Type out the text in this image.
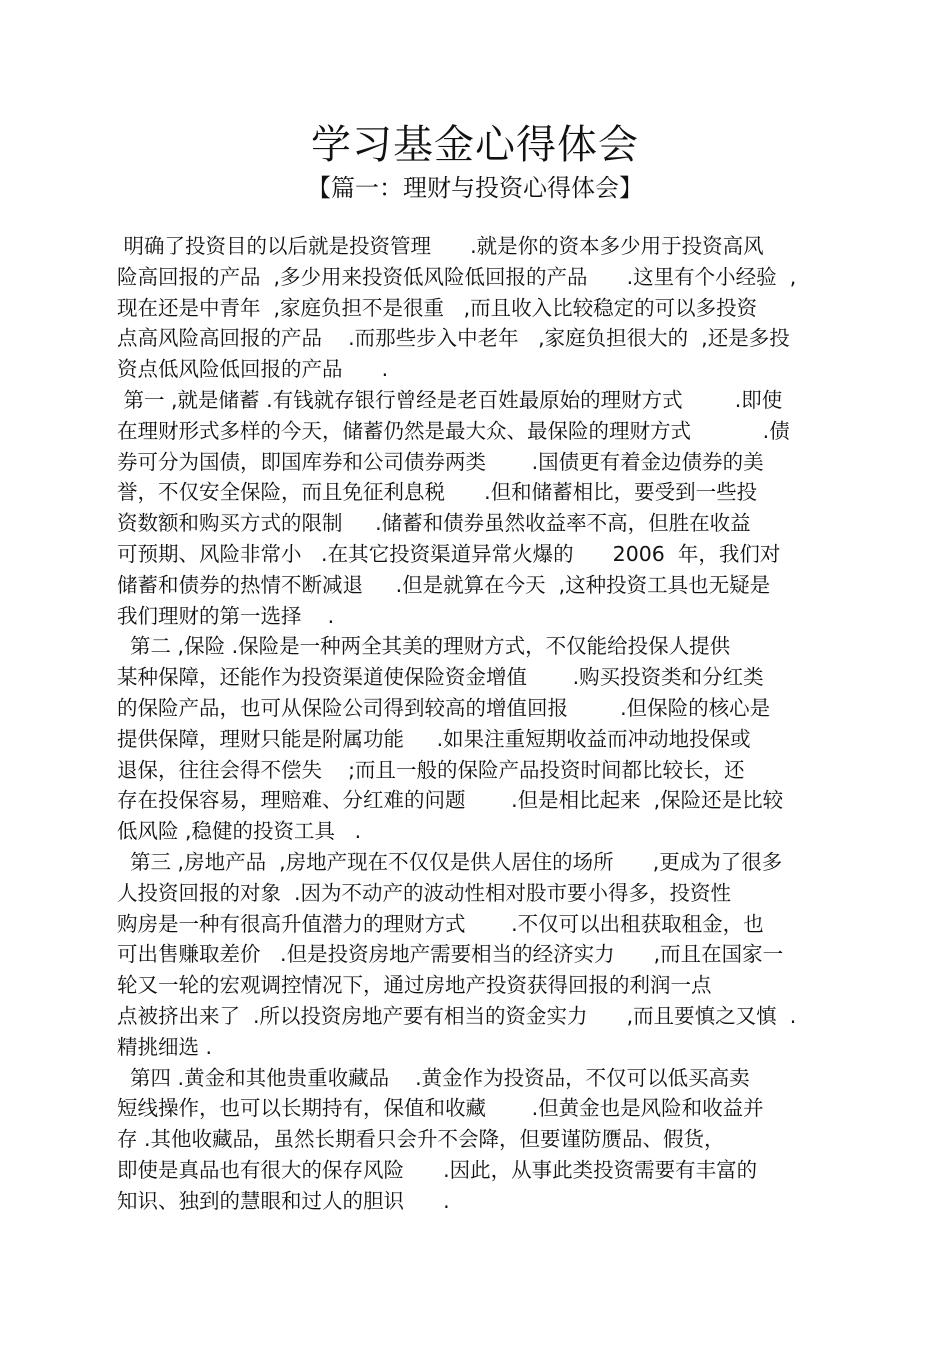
学习基金心得体会
【篇一：理财与投资心得体会】
明确了投资目的以后就是投资管理      .就是你的资本多少用于投资高风
险高回报的产品  ,多少用来投资低风险低回报的产品      .这里有个小经验  ,
现在还是中青年  ,家庭负担不是很重   ,而且收入比较稳定的可以多投资
点高风险高回报的产品    .而那些步入中老年   ,家庭负担很大的  ,还是多投
资点低风险低回报的产品      .
第一 ,就是储蓄 .有钱就存银行曾经是老百姓最原始的理财方式        .即使
在理财形式多样的今天，储蓄仍然是最大众、最保险的理财方式           .债
券可分为国债，即国库券和公司债券两类       .国债更有着金边债券的美
誉，不仅安全保险，而且免征利息税      .但和储蓄相比，要受到一些投
资数额和购买方式的限制     .储蓄和债券虽然收益率不高，但胜在收益
可预期、风险非常小   .在其它投资渠道异常火爆的      2006  年，我们对
储蓄和债券的热情不断减退     .但是就算在今天  ,这种投资工具也无疑是
我们理财的第一选择    .
第二 ,保险 .保险是一种两全其美的理财方式，不仅能给投保人提供
某种保障，还能作为投资渠道使保险资金增值       .购买投资类和分红类
的保险产品，也可从保险公司得到较高的增值回报        .但保险的核心是
提供保障，理财只能是附属功能     .如果注重短期收益而冲动地投保或
退保，往往会得不偿失    ;而且一般的保险产品投资时间都比较长，还
存在投保容易，理赔难、分红难的问题       .但是相比起来  ,保险还是比较
低风险 ,稳健的投资工具   .
第三 ,房地产品  ,房地产现在不仅仅是供人居住的场所      ,更成为了很多
人投资回报的对象  .因为不动产的波动性相对股市要小得多，投资性
购房是一种有很高升值潜力的理财方式       .不仅可以出租获取租金，也
可出售赚取差价   .但是投资房地产需要相当的经济实力      ,而且在国家一
轮又一轮的宏观调控情况下，通过房地产投资获得回报的利润一点
点被挤出来了  .所以投资房地产要有相当的资金实力      ,而且要慎之又慎  .
精挑细选 .
第四 .黄金和其他贵重收藏品    .黄金作为投资品，不仅可以低买高卖
短线操作，也可以长期持有，保值和收藏       .但黄金也是风险和收益并
存 .其他收藏品，虽然长期看只会升不会降，但要谨防赝品、假货，
即使是真品也有很大的保存风险      .因此，从事此类投资需要有丰富的
知识、独到的慧眼和过人的胆识      .
